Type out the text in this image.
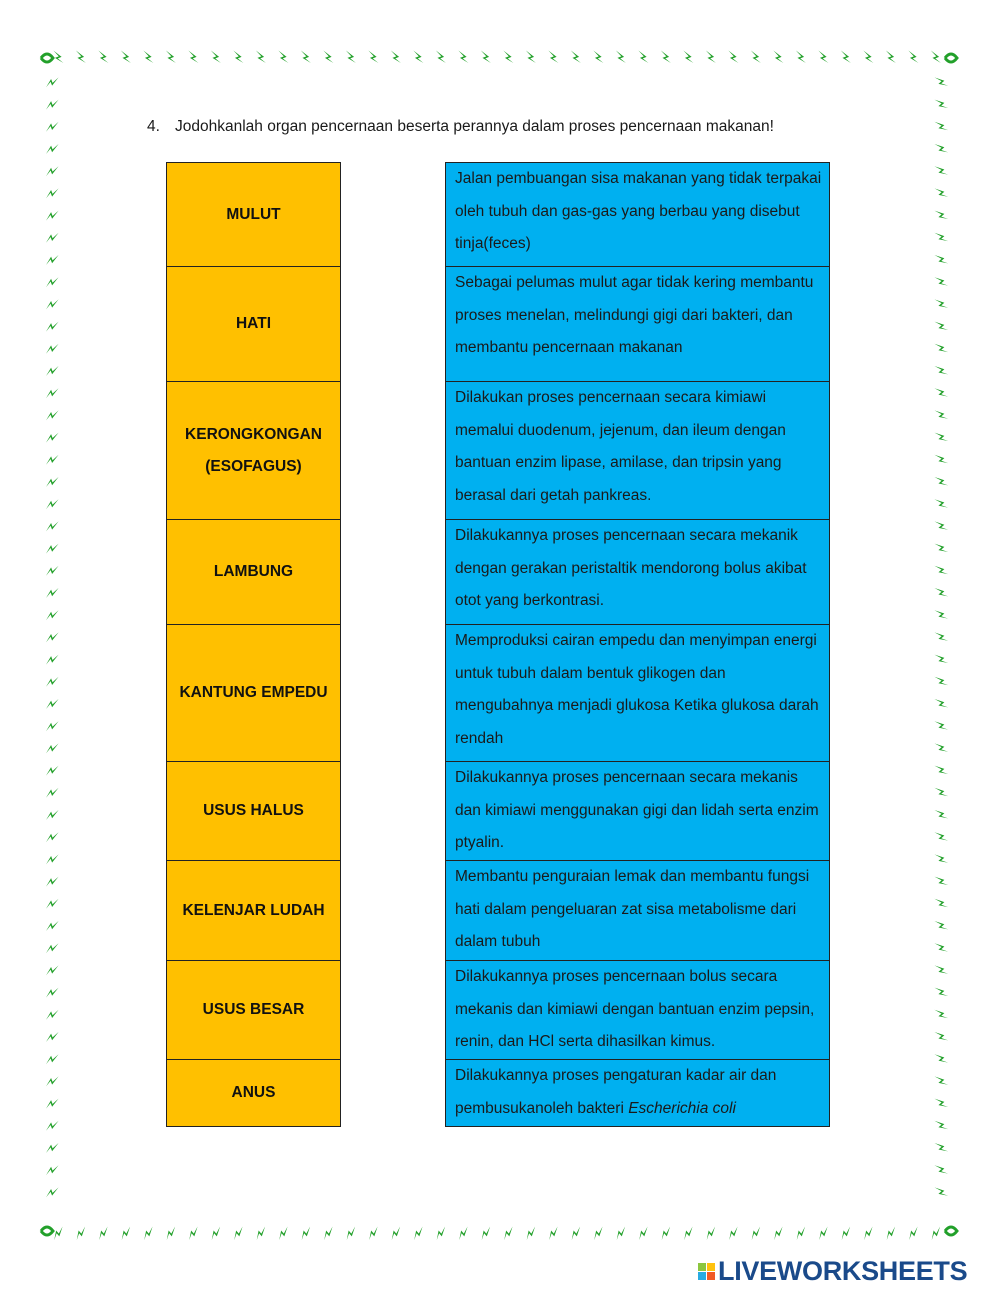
4. Jodohkanlah organ pencernaan beserta perannya dalam proses pencernaan makanan!
MULUT
HATI
KERONGKONGAN (ESOFAGUS)
LAMBUNG
KANTUNG EMPEDU
USUS HALUS
KELENJAR LUDAH
USUS BESAR
ANUS
Jalan pembuangan sisa makanan yang tidak terpakai oleh tubuh dan gas-gas yang berbau yang disebut tinja(feces)
Sebagai pelumas mulut agar tidak kering membantu proses menelan, melindungi gigi dari bakteri, dan membantu pencernaan makanan
Dilakukan proses pencernaan secara kimiawi memalui duodenum, jejenum, dan ileum dengan bantuan enzim lipase, amilase, dan tripsin yang berasal dari getah pankreas.
Dilakukannya proses pencernaan secara mekanik dengan gerakan peristaltik mendorong bolus akibat otot yang berkontrasi.
Memproduksi cairan empedu dan menyimpan energi untuk tubuh dalam bentuk glikogen dan mengubahnya menjadi glukosa Ketika glukosa darah rendah
Dilakukannya proses pencernaan secara mekanis dan kimiawi menggunakan gigi dan lidah serta enzim ptyalin.
Membantu penguraian lemak dan membantu fungsi hati dalam pengeluaran zat sisa metabolisme dari dalam tubuh
Dilakukannya proses pencernaan bolus secara mekanis dan kimiawi dengan bantuan enzim pepsin, renin, dan HCl serta dihasilkan kimus.
Dilakukannya proses pengaturan kadar air dan pembusukanoleh bakteri Escherichia coli
LIVEWORKSHEETS
